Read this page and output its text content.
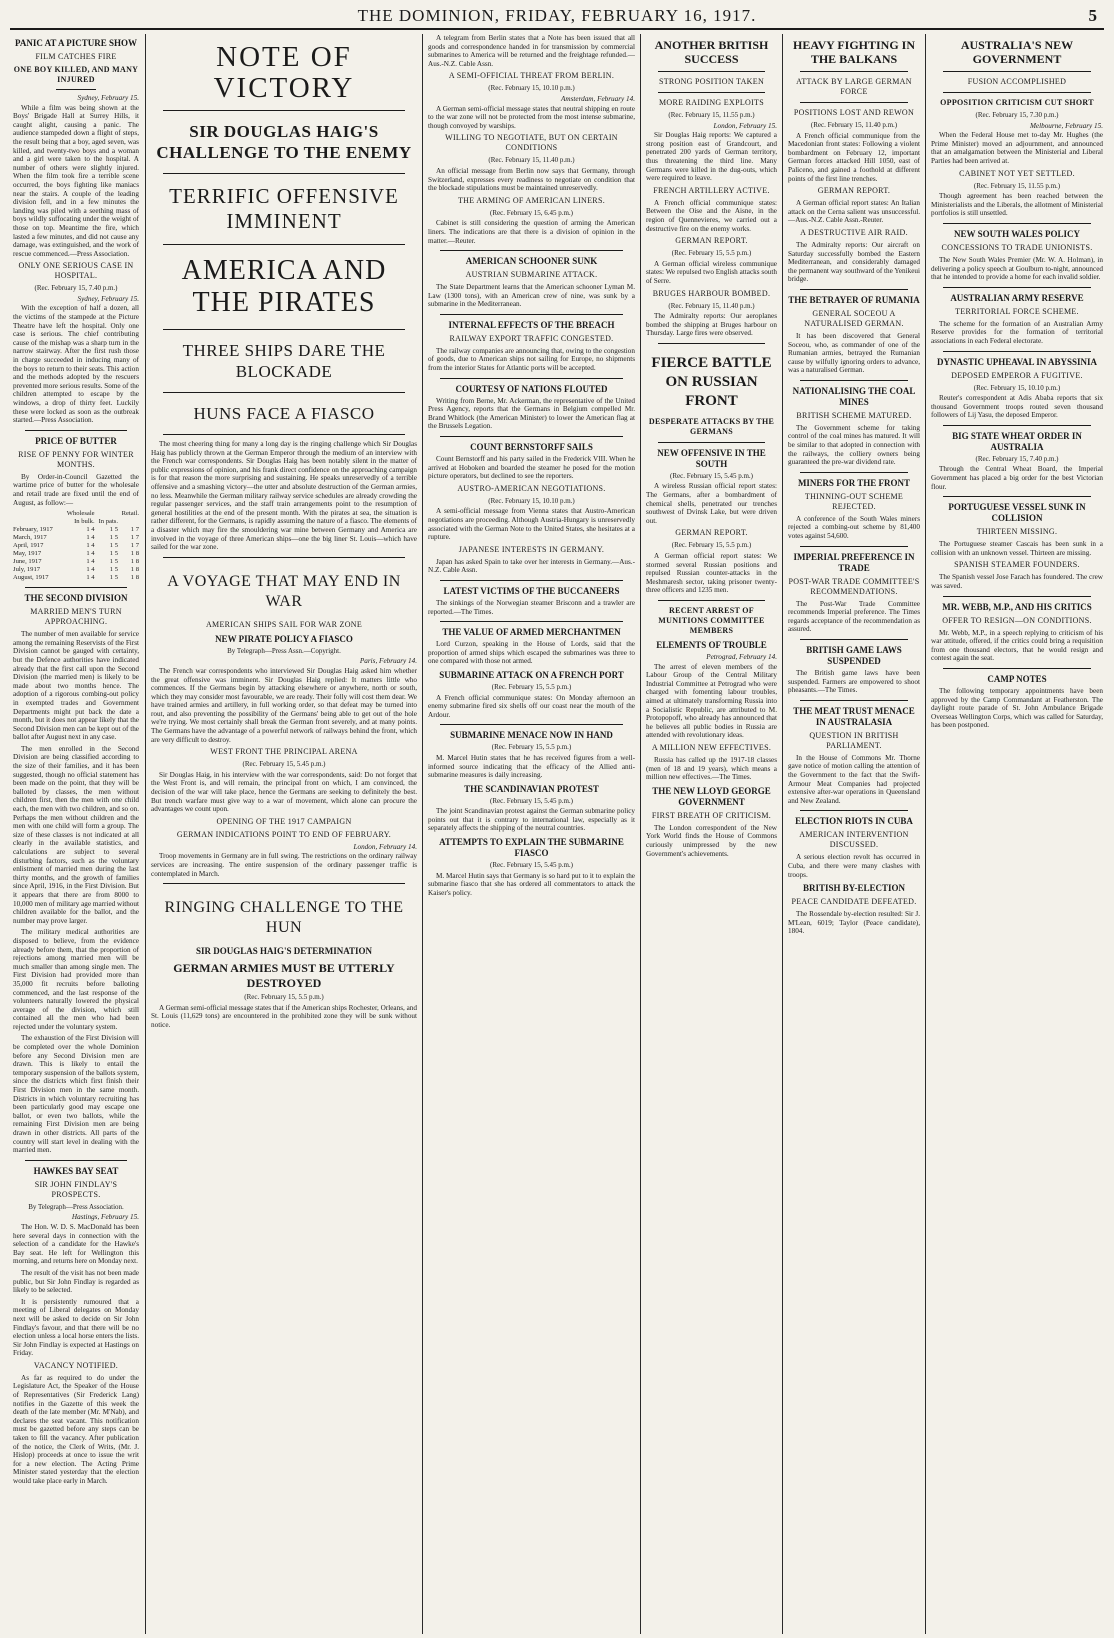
THE DOMINION, FRIDAY, FEBRUARY 16, 1917.	5
PANIC AT A PICTURE SHOW
FILM CATCHES FIRE
ONE BOY KILLED, AND MANY INJURED
Sydney, February 15.

While a film was being shown at the Boys' Brigade Hall at Surrey Hills, it caught alight, causing a panic. The audience stampeded down a flight of steps, the result being that a boy, aged seven, was killed, and twenty-two boys and a woman and a girl were taken to the hospital. A number of others were slightly injured. When the film took fire a terrible scene occurred, the boys fighting like maniacs near the stairs. A couple of the leading division fell, and in a few minutes the landing was piled with a seething mass of boys wildly suffocating under the weight of those on top. Meantime the fire, which lasted a few minutes, and did not cause any damage, was extinguished, and the work of rescue commenced.—Press Association.

ONLY ONE SERIOUS CASE IN HOSPITAL.
(Rec. February 15, 7.40 p.m.)
Sydney, February 15.

With the exception of half a dozen, all the victims of the stampede at the Picture Theatre have left the hospital. Only one case is serious. The chief contributing cause of the mishap was a sharp turn in the narrow stairway. After the first rush those in charge succeeded in inducing many of the boys to return to their seats. This action and the methods adopted by the rescuers prevented more serious results. Some of the children attempted to escape by the windows, a drop of thirty feet. Luckily these were locked as soon as the outbreak started.—Press Association.

PRICE OF BUTTER
RISE OF PENNY FOR WINTER MONTHS.

By Order-in-Council Gazetted the wartime price of butter for the wholesale and retail trade are fixed until the end of August, as follow:—

	Wholesale		Retail.
	In bulk.	In pats.	
February, 1917	1 4	1 5	1 7
March, 1917	1 4	1 5	1 7
April, 1917	1 4	1 5	1 7
May, 1917	1 4	1 5	1 8
June, 1917	1 4	1 5	1 8
July, 1917	1 4	1 5	1 8
August, 1917	1 4	1 5	1 8
THE SECOND DIVISION
MARRIED MEN'S TURN APPROACHING.

The number of men available for service among the remaining Reservists of the First Division cannot be gauged with certainty, but the Defence authorities have indicated already that the first call upon the Second Division (the married men) is likely to be made about two months hence. The adoption of a rigorous combing-out policy in exempted trades and Government Departments might put back the date a month, but it does not appear likely that the Second Division men can be kept out of the ballot after August next in any case.

The men enrolled in the Second Division are being classified according to the size of their families, and it has been suggested, though no official statement has been made on the point, that they will be balloted by classes, the men without children first, then the men with one child each, the men with two children, and so on. Perhaps the men without children and the men with one child will form a group. The size of these classes is not indicated at all clearly in the available statistics, and calculations are subject to several disturbing factors, such as the voluntary enlistment of married men during the last thirty months, and the growth of families since April, 1916, in the First Division. But it appears that there are from 8000 to 10,000 men of military age married without children available for the ballot, and the number may prove larger.

The military medical authorities are disposed to believe, from the evidence already before them, that the proportion of rejections among married men will be much smaller than among single men. The First Division had provided more than 35,000 fit recruits before balloting commenced, and the last response of the volunteers naturally lowered the physical average of the division, which still contained all the men who had been rejected under the voluntary system.

The exhaustion of the First Division will be completed over the whole Dominion before any Second Division men are drawn. This is likely to entail the temporary suspension of the ballots system, since the districts which first finish their First Division men in the same month. Districts in which voluntary recruiting has been particularly good may escape one ballot, or even two ballots, while the remaining First Division men are being drawn in other districts. All parts of the country will start level in dealing with the married men.

HAWKES BAY SEAT
SIR JOHN FINDLAY'S PROSPECTS.
By Telegraph—Press Association.
Hastings, February 15.

The Hon. W. D. S. MacDonald has been here several days in connection with the selection of a candidate for the Hawke's Bay seat. He left for Wellington this morning, and returns here on Monday next.

The result of the visit has not been made public, but Sir John Findlay is regarded as likely to be selected.

It is persistently rumoured that a meeting of Liberal delegates on Monday next will be asked to decide on Sir John Findlay's favour, and that there will be no election unless a local horse enters the lists. Sir John Findlay is expected at Hastings on Friday.

VACANCY NOTIFIED.

As far as required to do under the Legislature Act, the Speaker of the House of Representatives (Sir Frederick Lang) notifies in the Gazette of this week the death of the late member (Mr. M'Nab), and declares the seat vacant. This notification must be gazetted before any steps can be taken to fill the vacancy. After publication of the notice, the Clerk of Writs, (Mr. J. Hislop) proceeds at once to issue the writ for a new election. The Acting Prime Minister stated yesterday that the election would take place early in March.

NOTE OF VICTORY
SIR DOUGLAS HAIG'S CHALLENGE TO THE ENEMY
TERRIFIC OFFENSIVE IMMINENT
AMERICA AND THE PIRATES
THREE SHIPS DARE THE BLOCKADE
HUNS FACE A FIASCO

The most cheering thing for many a long day is the ringing challenge which Sir Douglas Haig has publicly thrown at the German Emperor through the medium of an interview with the French war correspondents. Sir Douglas Haig has been notably silent in the matter of public expressions of opinion, and his frank direct confidence on the approaching campaign is for that reason the more surprising and sustaining. He speaks unreservedly of a terrible offensive and a smashing victory—the utter and absolute destruction of the German armies, no less. Meanwhile the German military railway service schedules are already crowding the regular passenger services, and the staff train arrangements point to the resumption of general hostilities at the end of the present month. With the pirates at sea, the situation is rather different, for the Germans, is rapidly assuming the nature of a fiasco. The elements of a disaster which may fire the smouldering war mine between Germany and America are involved in the voyage of three American ships—one the big liner St. Louis—which have sailed for the war zone.

A VOYAGE THAT MAY END IN WAR
AMERICAN SHIPS SAIL FOR WAR ZONE
NEW PIRATE POLICY A FIASCO
By Telegraph—Press Assn.—Copyright.
Paris, February 14.

The French war correspondents who interviewed Sir Douglas Haig asked him whether the great offensive was imminent. Sir Douglas Haig replied: It matters little who commences. If the Germans begin by attacking elsewhere or anywhere, north or south, which they may consider most favourable, we are ready. Their folly will cost them dear. We have trained armies and artillery, in full working order, so that defeat may be turned into rout, and also preventing the possibility of the Germans' being able to get out of the hole we're trying. We most certainly shall break the German front severely, and at many points. The Germans have the advantage of a powerful network of railways behind the front, which are very difficult to destroy.

WEST FRONT THE PRINCIPAL ARENA
(Rec. February 15, 5.45 p.m.)

Sir Douglas Haig, in his interview with the war correspondents, said: Do not forget that the West Front is, and will remain, the principal front on which, I am convinced, the decision of the war will take place, hence the Germans are seeking to definitely the best. But trench warfare must give way to a war of movement, which alone can procure the advantages we count upon.

OPENING OF THE 1917 CAMPAIGN
GERMAN INDICATIONS POINT TO END OF FEBRUARY.
London, February 14.

Troop movements in Germany are in full swing. The restrictions on the ordinary railway services are increasing. The entire suspension of the ordinary passenger traffic is contemplated in March.

RINGING CHALLENGE TO THE HUN
SIR DOUGLAS HAIG'S DETERMINATION
GERMAN ARMIES MUST BE UTTERLY DESTROYED
(Rec. February 15, 5.5 p.m.)

A German semi-official message states that if the American ships Rochester, Orleans, and St. Louis (11,629 tons) are encountered in the prohibited zone they will be sunk without notice.

A telegram from Berlin states that a Note has been issued that all goods and correspondence handed in for transmission by commercial submarines to America will be returned and the freightage refunded.—Aus.-N.Z. Cable Assn.

A SEMI-OFFICIAL THREAT FROM BERLIN.
(Rec. February 15, 10.10 p.m.)
Amsterdam, February 14.

A German semi-official message states that neutral shipping en route to the war zone will not be protected from the most intense submarine, though convoyed by warships.

WILLING TO NEGOTIATE, BUT ON CERTAIN CONDITIONS
(Rec. February 15, 11.40 p.m.)

An official message from Berlin now says that Germany, through Switzerland, expresses every readiness to negotiate on condition that the blockade stipulations must be maintained unreservedly.

THE ARMING OF AMERICAN LINERS.
(Rec. February 15, 6.45 p.m.)

Cabinet is still considering the question of arming the American liners. The indications are that there is a division of opinion in the matter.—Reuter.

AMERICAN SCHOONER SUNK
AUSTRIAN SUBMARINE ATTACK.

The State Department learns that the American schooner Lyman M. Law (1300 tons), with an American crew of nine, was sunk by a submarine in the Mediterranean.

INTERNAL EFFECTS OF THE BREACH
RAILWAY EXPORT TRAFFIC CONGESTED.

The railway companies are announcing that, owing to the congestion of goods, due to American ships not sailing for Europe, no shipments from the interior States for Atlantic ports will be accepted.

COURTESY OF NATIONS FLOUTED

Writing from Berne, Mr. Ackerman, the representative of the United Press Agency, reports that the Germans in Belgium compelled Mr. Brand Whitlock (the American Minister) to lower the American flag at the Brussels Legation.

COUNT BERNSTORFF SAILS

Count Bernstorff and his party sailed in the Frederick VIII. When he arrived at Hoboken and boarded the steamer he posed for the motion picture operators, but declined to see the reporters.

AUSTRO-AMERICAN NEGOTIATIONS.
(Rec. February 15, 10.10 p.m.)

A semi-official message from Vienna states that Austro-American negotiations are proceeding. Although Austria-Hungary is unreservedly associated with the German Note to the United States, she hesitates at a rupture.

JAPANESE INTERESTS IN GERMANY.

Japan has asked Spain to take over her interests in Germany.—Aus.-N.Z. Cable Assn.

LATEST VICTIMS OF THE BUCCANEERS

The sinkings of the Norwegian steamer Brisconn and a trawler are reported.—The Times.

THE VALUE OF ARMED MERCHANTMEN

Lord Curzon, speaking in the House of Lords, said that the proportion of armed ships which escaped the submarines was three to one compared with those not armed.

SUBMARINE ATTACK ON A FRENCH PORT
(Rec. February 15, 5.5 p.m.)

A French official communique states: On Monday afternoon an enemy submarine fired six shells off our coast near the mouth of the Ardour.

SUBMARINE MENACE NOW IN HAND
(Rec. February 15, 5.5 p.m.)

M. Marcel Hutin states that he has received figures from a well-informed source indicating that the efficacy of the Allied anti-submarine measures is daily increasing.

THE SCANDINAVIAN PROTEST
(Rec. February 15, 5.45 p.m.)

The joint Scandinavian protest against the German submarine policy points out that it is contrary to international law, especially as it separately affects the shipping of the neutral countries.

ATTEMPTS TO EXPLAIN THE SUBMARINE FIASCO
(Rec. February 15, 5.45 p.m.)

M. Marcel Hutin says that Germany is so hard put to it to explain the submarine fiasco that she has ordered all commentators to attack the Kaiser's policy.

ANOTHER BRITISH SUCCESS
STRONG POSITION TAKEN
MORE RAIDING EXPLOITS
(Rec. February 15, 11.55 p.m.)
London, February 15.

Sir Douglas Haig reports: We captured a strong position east of Grandcourt, and penetrated 200 yards of German territory, thus threatening the third line. Many Germans were killed in the dug-outs, which were required to leave.

FRENCH ARTILLERY ACTIVE.

A French official communique states: Between the Oise and the Aisne, in the region of Quennevieres, we carried out a destructive fire on the enemy works.

GERMAN REPORT.
(Rec. February 15, 5.5 p.m.)

A German official wireless communique states: We repulsed two English attacks south of Serre.

BRUGES HARBOUR BOMBED.
(Rec. February 15, 11.40 p.m.)

The Admiralty reports: Our aeroplanes bombed the shipping at Bruges harbour on Thursday. Large fires were observed.

FIERCE BATTLE ON RUSSIAN FRONT
DESPERATE ATTACKS BY THE GERMANS
NEW OFFENSIVE IN THE SOUTH
(Rec. February 15, 5.45 p.m.)

A wireless Russian official report states: The Germans, after a bombardment of chemical shells, penetrated our trenches southwest of Dvinsk Lake, but were driven out.

GERMAN REPORT.
(Rec. February 15, 5.5 p.m.)

A German official report states: We stormed several Russian positions and repulsed Russian counter-attacks in the Meshmaresh sector, taking prisoner twenty-three officers and 1235 men.

RECENT ARREST OF MUNITIONS COMMITTEE MEMBERS
ELEMENTS OF TROUBLE
Petrograd, February 14.

The arrest of eleven members of the Labour Group of the Central Military Industrial Committee at Petrograd who were charged with fomenting labour troubles, aimed at ultimately transforming Russia into a Socialistic Republic, are attributed to M. Protopopoff, who already has announced that he believes all public bodies in Russia are attended with revolutionary ideas.

A MILLION NEW EFFECTIVES.

Russia has called up the 1917-18 classes (men of 18 and 19 years), which means a million new effectives.—The Times.

THE NEW LLOYD GEORGE GOVERNMENT
FIRST BREATH OF CRITICISM.

The London correspondent of the New York World finds the House of Commons curiously unimpressed by the new Government's achievements.

HEAVY FIGHTING IN THE BALKANS
ATTACK BY LARGE GERMAN FORCE
POSITIONS LOST AND REWON
(Rec. February 15, 11.40 p.m.)

A French official communique from the Macedonian front states: Following a violent bombardment on February 12, important German forces attacked Hill 1050, east of Paliceno, and gained a foothold at different points of the first line trenches.

GERMAN REPORT.

A German official report states: An Italian attack on the Cerna salient was unsuccessful.—Aus.-N.Z. Cable Assn.-Reuter.

A DESTRUCTIVE AIR RAID.

The Admiralty reports: Our aircraft on Saturday successfully bombed the Eastern Mediterranean, and considerably damaged the permanent way southward of the Yenikeui bridge.

THE BETRAYER OF RUMANIA
GENERAL SOCEOU A NATURALISED GERMAN.

It has been discovered that General Soceou, who, as commander of one of the Rumanian armies, betrayed the Rumanian cause by wilfully ignoring orders to advance, was a naturalised German.

NATIONALISING THE COAL MINES
BRITISH SCHEME MATURED.

The Government scheme for taking control of the coal mines has matured. It will be similar to that adopted in connection with the railways, the colliery owners being guaranteed the pre-war dividend rate.

MINERS FOR THE FRONT
THINNING-OUT SCHEME REJECTED.

A conference of the South Wales miners rejected a combing-out scheme by 81,400 votes against 54,600.

IMPERIAL PREFERENCE IN TRADE
POST-WAR TRADE COMMITTEE'S RECOMMENDATIONS.

The Post-War Trade Committee recommends Imperial preference. The Times regards acceptance of the recommendation as assured.

BRITISH GAME LAWS SUSPENDED

The British game laws have been suspended. Farmers are empowered to shoot pheasants.—The Times.

THE MEAT TRUST MENACE IN AUSTRALASIA
QUESTION IN BRITISH PARLIAMENT.

In the House of Commons Mr. Thorne gave notice of motion calling the attention of the Government to the fact that the Swift-Armour Meat Companies had projected extensive after-war operations in Queensland and New Zealand.

ELECTION RIOTS IN CUBA
AMERICAN INTERVENTION DISCUSSED.

A serious election revolt has occurred in Cuba, and there were many clashes with troops.

BRITISH BY-ELECTION
PEACE CANDIDATE DEFEATED.

The Rossendale by-election resulted: Sir J. M'Lean, 6019; Taylor (Peace candidate), 1804.

AUSTRALIA'S NEW GOVERNMENT
FUSION ACCOMPLISHED
OPPOSITION CRITICISM CUT SHORT
(Rec. February 15, 7.30 p.m.)
Melbourne, February 15.

When the Federal House met to-day Mr. Hughes (the Prime Minister) moved an adjournment, and announced that an amalgamation between the Ministerial and Liberal Parties had been arrived at.

CABINET NOT YET SETTLED.
(Rec. February 15, 11.55 p.m.)

Though agreement has been reached between the Ministerialists and the Liberals, the allotment of Ministerial portfolios is still unsettled.

NEW SOUTH WALES POLICY
CONCESSIONS TO TRADE UNIONISTS.

The New South Wales Premier (Mr. W. A. Holman), in delivering a policy speech at Goulburn to-night, announced that he intended to provide a home for each invalid soldier.

AUSTRALIAN ARMY RESERVE
TERRITORIAL FORCE SCHEME.

The scheme for the formation of an Australian Army Reserve provides for the formation of territorial associations in each Federal electorate.

DYNASTIC UPHEAVAL IN ABYSSINIA
DEPOSED EMPEROR A FUGITIVE.
(Rec. February 15, 10.10 p.m.)

Reuter's correspondent at Adis Ababa reports that six thousand Government troops routed seven thousand followers of Lij Yasu, the deposed Emperor.

BIG STATE WHEAT ORDER IN AUSTRALIA
(Rec. February 15, 7.40 p.m.)

Through the Central Wheat Board, the Imperial Government has placed a big order for the best Victorian flour.

PORTUGUESE VESSEL SUNK IN COLLISION
THIRTEEN MISSING.

The Portuguese steamer Cascais has been sunk in a collision with an unknown vessel. Thirteen are missing.

SPANISH STEAMER FOUNDERS.

The Spanish vessel Jose Farach has foundered. The crew was saved.

MR. WEBB, M.P., AND HIS CRITICS
OFFER TO RESIGN—ON CONDITIONS.

Mr. Webb, M.P., in a speech replying to criticism of his war attitude, offered, if the critics could bring a requisition from one thousand electors, that he would resign and contest again the seat.

CAMP NOTES

The following temporary appointments have been approved by the Camp Commandant at Featherston. The daylight route parade of St. John Ambulance Brigade Overseas Wellington Corps, which was called for Saturday, has been postponed.
